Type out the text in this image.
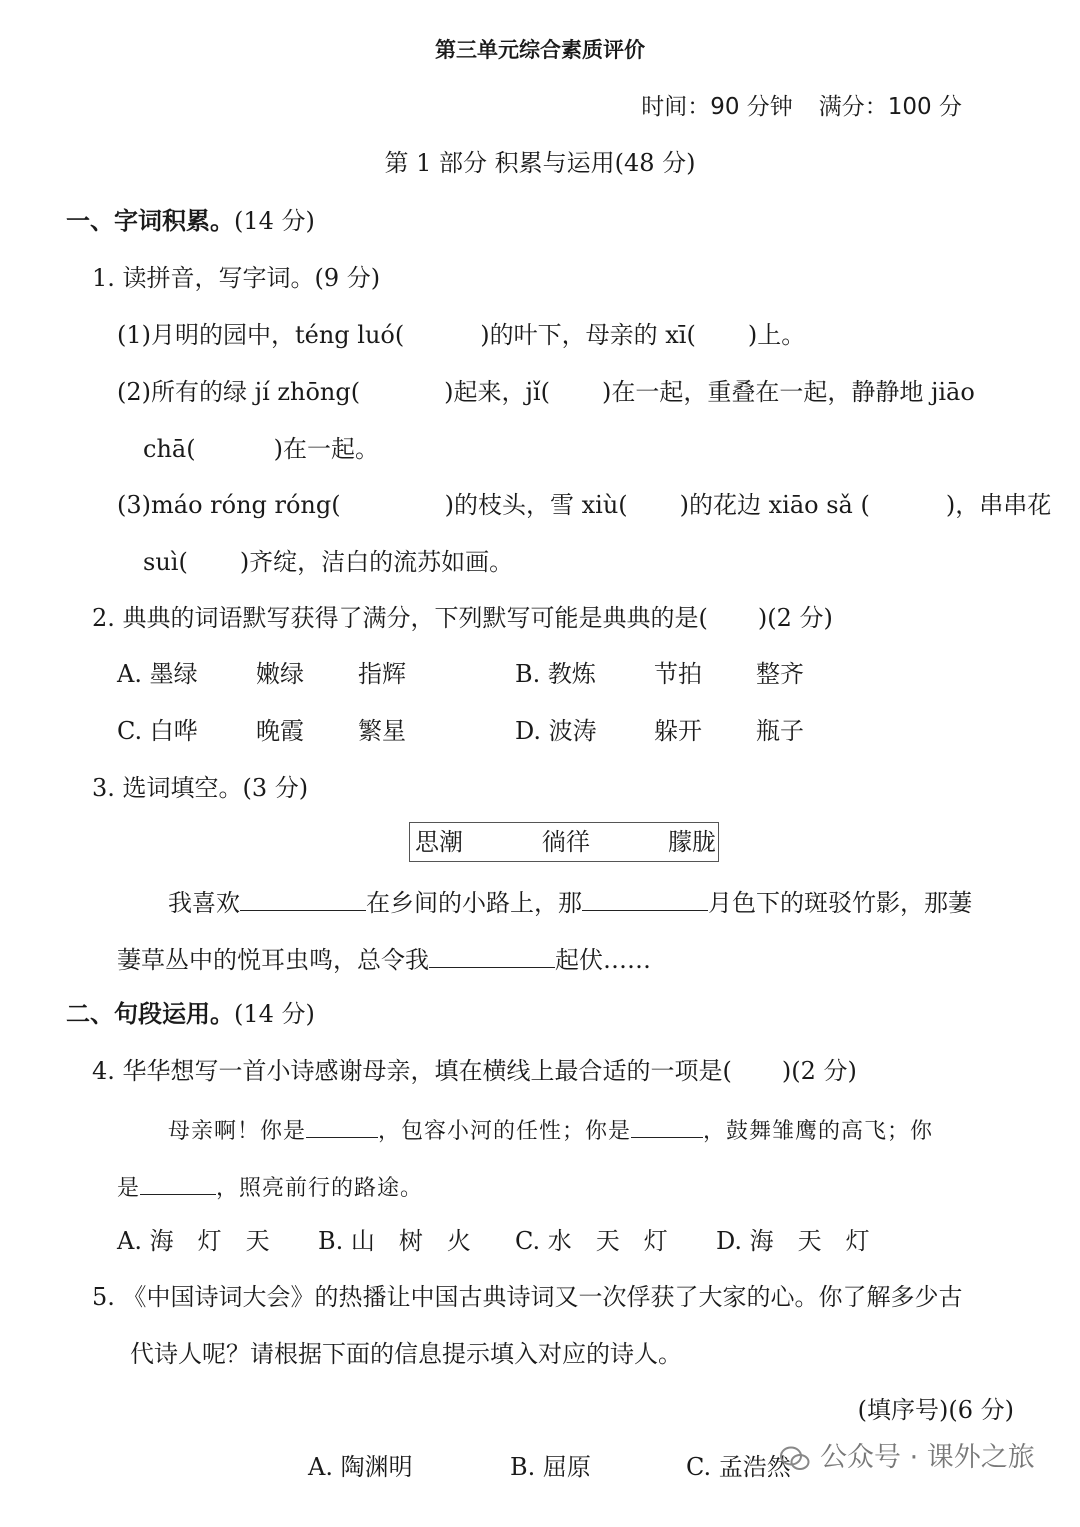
第三单元综合素质评价
时间：90 分钟 满分：100 分
第 1 部分 积累与运用(48 分)
一、字词积累。(14 分)
1. 读拼音，写字词。(9 分)
(1)月明的园中，téng luó(	)的叶下，母亲的 xī( )上。
(2)所有的绿 jí zhōng(	)起来，jǐ( )在一起，重叠在一起，静静地 jiāo
chā(	)在一起。
(3)máo róng róng(	)的枝头，雪 xiù( )的花边 xiāo sǎ (	)，串串花
suì( )齐绽，洁白的流苏如画。
2. 典典的词语默写获得了满分，下列默写可能是典典的是( )(2 分)
A. 墨绿 嫩绿 指辉	B. 教炼 节拍 整齐
C. 白哗 晚霞 繁星	D. 波涛 躲开 瓶子
3. 选词填空。(3 分)
思潮	徜徉	朦胧
我喜欢	在乡间的小路上，那	月色下的斑驳竹影，那萋
萋草丛中的悦耳虫鸣，总令我	起伏……
二、句段运用。(14 分)
4. 华华想写一首小诗感谢母亲，填在横线上最合适的一项是( )(2 分)
母亲啊！你是	，包容小河的任性；你是	，鼓舞雏鹰的高飞；你
是	，照亮前行的路途。
A. 海　灯　天 B. 山　树　火 C. 水　天　灯 D. 海　天　灯
5. 《中国诗词大会》的热播让中国古典诗词又一次俘获了大家的心。你了解多少古
代诗人呢？请根据下面的信息提示填入对应的诗人。
(填序号)(6 分)
A. 陶渊明	B. 屈原	C. 孟浩然	公众号 · 课外之旅
